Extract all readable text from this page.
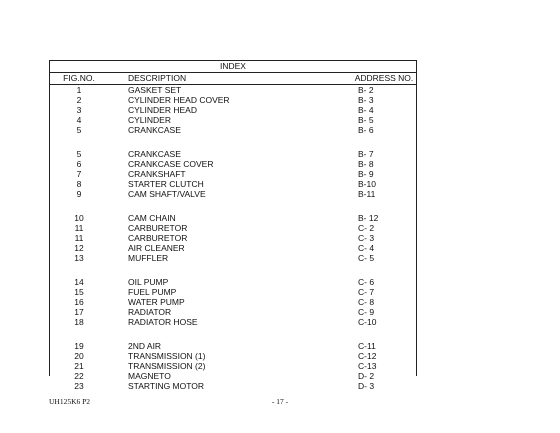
INDEX
FIG.NO.	DESCRIPTION	ADDRESS NO.
1	GASKET SET	B- 2
2	CYLINDER HEAD COVER	B- 3
3	CYLINDER HEAD	B- 4
4	CYLINDER	B- 5
5	CRANKCASE	B- 6
5	CRANKCASE	B- 7
6	CRANKCASE COVER	B- 8
7	CRANKSHAFT	B- 9
8	STARTER CLUTCH	B-10
9	CAM SHAFT/VALVE	B-11
10	CAM CHAIN	B- 12
11	CARBURETOR	C- 2
11	CARBURETOR	C- 3
12	AIR CLEANER	C- 4
13	MUFFLER	C- 5
14	OIL PUMP	C- 6
15	FUEL PUMP	C- 7
16	WATER PUMP	C- 8
17	RADIATOR	C- 9
18	RADIATOR HOSE	C-10
19	2ND AIR	C-11
20	TRANSMISSION (1)	C-12
21	TRANSMISSION (2)	C-13
22	MAGNETO	D- 2
23	STARTING MOTOR	D- 3
UH125K6 P2	- 17 -
